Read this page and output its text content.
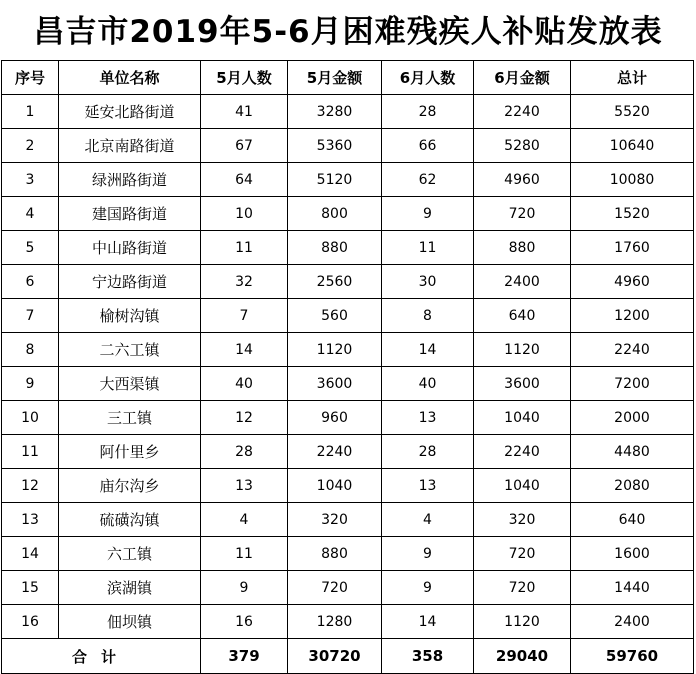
昌吉市2019年5-6月困难残疾人补贴发放表
序号	单位名称	5月人数	5月金额	6月人数	6月金额	总计
1	延安北路街道	41	3280	28	2240	5520
2	北京南路街道	67	5360	66	5280	10640
3	绿洲路街道	64	5120	62	4960	10080
4	建国路街道	10	800	9	720	1520
5	中山路街道	11	880	11	880	1760
6	宁边路街道	32	2560	30	2400	4960
7	榆树沟镇	7	560	8	640	1200
8	二六工镇	14	1120	14	1120	2240
9	大西渠镇	40	3600	40	3600	7200
10	三工镇	12	960	13	1040	2000
11	阿什里乡	28	2240	28	2240	4480
12	庙尔沟乡	13	1040	13	1040	2080
13	硫磺沟镇	4	320	4	320	640
14	六工镇	11	880	9	720	1600
15	滨湖镇	9	720	9	720	1440
16	佃坝镇	16	1280	14	1120	2400
合计		379	30720	358	29040	59760
